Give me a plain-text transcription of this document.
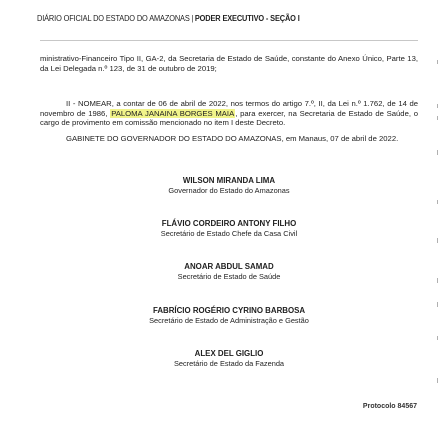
DIÁRIO OFICIAL DO ESTADO DO AMAZONAS | PODER EXECUTIVO - SEÇÃO I
ministrativo-Financeiro Tipo II, GA-2, da Secretaria de Estado de Saúde, constante do Anexo Único, Parte 13, da Lei Delegada n.º 123, de 31 de outubro de 2019;
II - NOMEAR, a contar de 06 de abril de 2022, nos termos do artigo 7.º, II, da Lei n.º 1.762, de 14 de novembro de 1986, PALOMA JANAINA BORGES MAIA, para exercer, na Secretaria de Estado de Saúde, o cargo de provimento em comissão mencionado no item I deste Decreto.
GABINETE DO GOVERNADOR DO ESTADO DO AMAZONAS, em Manaus, 07 de abril de 2022.
WILSON MIRANDA LIMA
Governador do Estado do Amazonas
FLÁVIO CORDEIRO ANTONY FILHO
Secretário de Estado Chefe da Casa Civil
ANOAR ABDUL SAMAD
Secretário de Estado de Saúde
FABRÍCIO ROGÉRIO CYRINO BARBOSA
Secretário de Estado de Administração e Gestão
ALEX DEL GIGLIO
Secretário de Estado da Fazenda
Protocolo 84567
